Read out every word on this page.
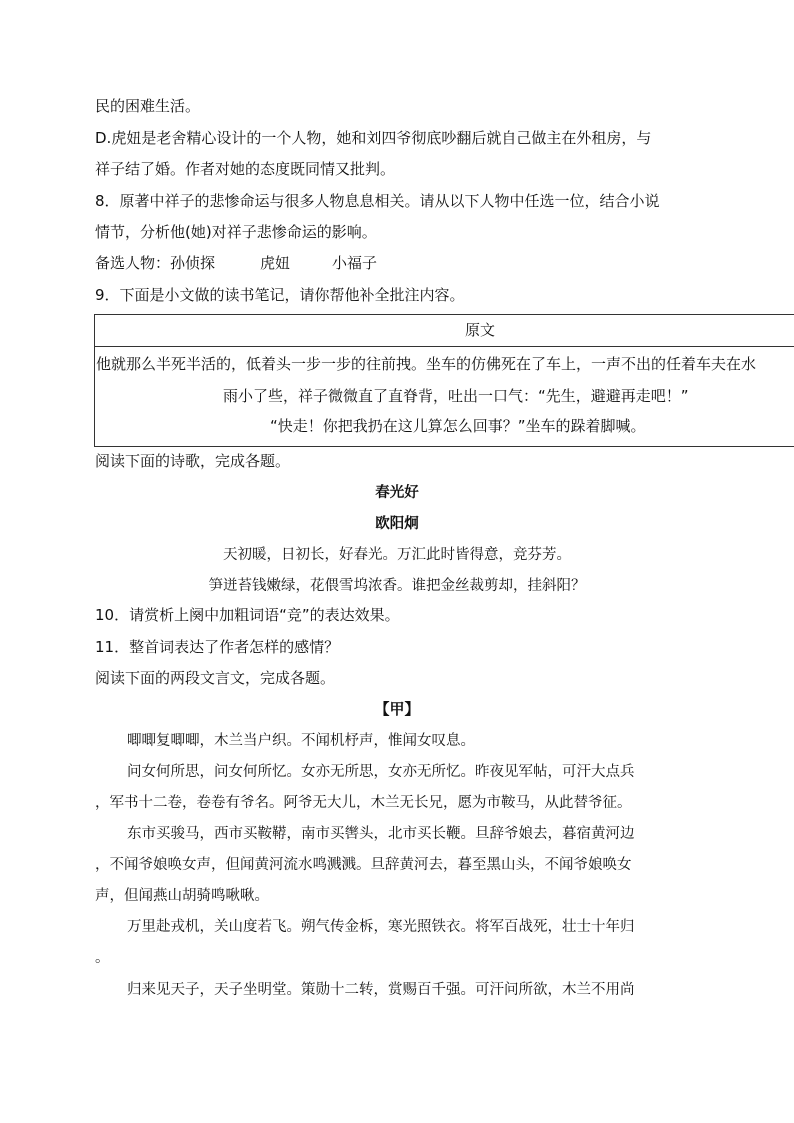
民的困难生活。
D.虎妞是老舍精心设计的一个人物，她和刘四爷彻底吵翻后就自己做主在外租房，与
祥子结了婚。作者对她的态度既同情又批判。
8．原著中祥子的悲惨命运与很多人物息息相关。请从以下人物中任选一位，结合小说
情节，分析他(她)对祥子悲惨命运的影响。
备选人物：孙侦探	虎妞	小福子
9．下面是小文做的读书笔记，请你帮他补全批注内容。
原文
他就那么半死半活的，低着头一步一步的往前拽。坐车的仿佛死在了车上，一声不出的任着车夫在水
雨小了些，祥子微微直了直脊背，吐出一口气：“先生，避避再走吧！”
“快走！你把我扔在这儿算怎么回事？”坐车的跺着脚喊。
阅读下面的诗歌，完成各题。
春光好
欧阳炯
天初暖，日初长，好春光。万汇此时皆得意，竞芬芳。
笋迸苔钱嫩绿，花偎雪坞浓香。谁把金丝裁剪却，挂斜阳？
10．请赏析上阕中加粗词语“竞”的表达效果。
11．整首词表达了作者怎样的感情？
阅读下面的两段文言文，完成各题。
【甲】
唧唧复唧唧，木兰当户织。不闻机杼声，惟闻女叹息。
问女何所思，问女何所忆。女亦无所思，女亦无所忆。昨夜见军帖，可汗大点兵
，军书十二卷，卷卷有爷名。阿爷无大儿，木兰无长兄，愿为市鞍马，从此替爷征。
东市买骏马，西市买鞍鞯，南市买辔头，北市买长鞭。旦辞爷娘去，暮宿黄河边
，不闻爷娘唤女声，但闻黄河流水鸣溅溅。旦辞黄河去，暮至黑山头，不闻爷娘唤女
声，但闻燕山胡骑鸣啾啾。
万里赴戎机，关山度若飞。朔气传金柝，寒光照铁衣。将军百战死，壮士十年归
。
归来见天子，天子坐明堂。策勋十二转，赏赐百千强。可汗问所欲，木兰不用尚
